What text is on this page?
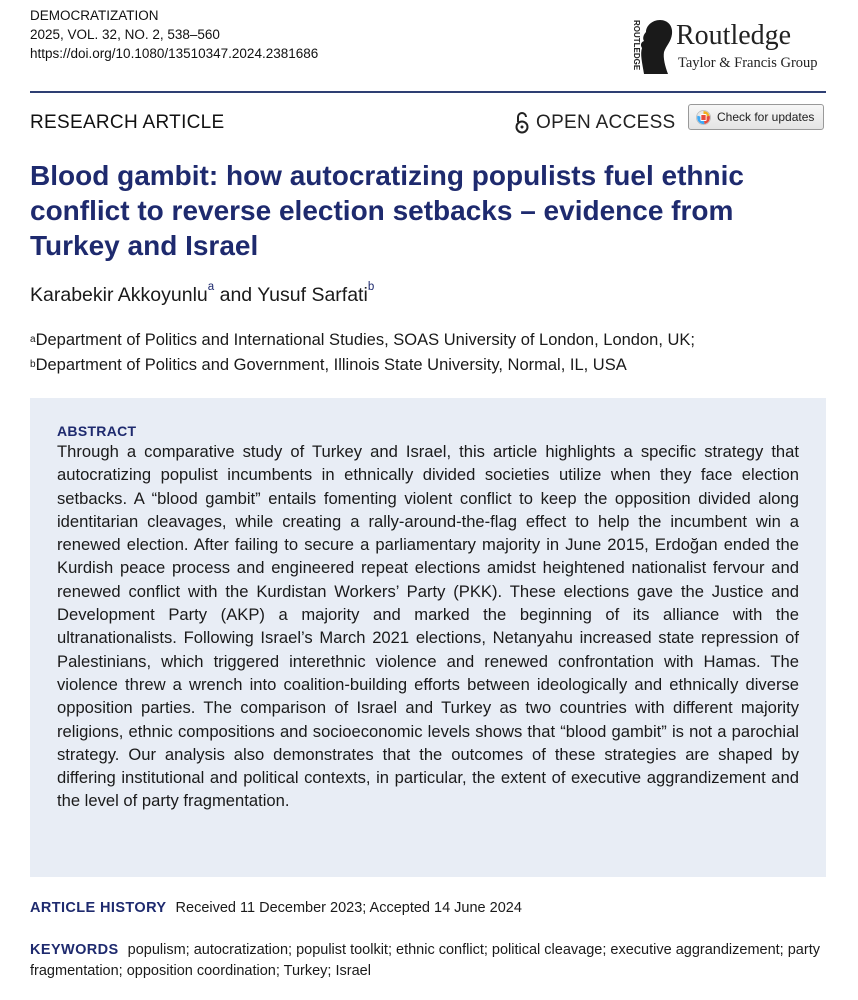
DEMOCRATIZATION
2025, VOL. 32, NO. 2, 538–560
https://doi.org/10.1080/13510347.2024.2381686	ROUTLEDGE Routledge
Taylor & Francis Group
RESEARCH ARTICLE	OPEN ACCESS	Check for updates
Blood gambit: how autocratizing populists fuel ethnic conflict to reverse election setbacks – evidence from Turkey and Israel
Karabekir Akkoyunlu$^a$ and Yusuf Sarfati$^b$
$^a$Department of Politics and International Studies, SOAS University of London, London, UK;
$^b$Department of Politics and Government, Illinois State University, Normal, IL, USA
ABSTRACT

Through a comparative study of Turkey and Israel, this article highlights a specific strategy that autocratizing populist incumbents in ethnically divided societies utilize when they face election setbacks. A “blood gambit” entails fomenting violent conflict to keep the opposition divided along identitarian cleavages, while creating a rally-around-the-flag effect to help the incumbent win a renewed election. After failing to secure a parliamentary majority in June 2015, Erdoğan ended the Kurdish peace process and engineered repeat elections amidst heightened nationalist fervour and renewed conflict with the Kurdistan Workers’ Party (PKK). These elections gave the Justice and Development Party (AKP) a majority and marked the beginning of its alliance with the ultranationalists. Following Israel’s March 2021 elections, Netanyahu increased state repression of Palestinians, which triggered interethnic violence and renewed confrontation with Hamas. The violence threw a wrench into coalition-building efforts between ideologically and ethnically diverse opposition parties. The comparison of Israel and Turkey as two countries with different majority religions, ethnic compositions and socioeconomic levels shows that “blood gambit” is not a parochial strategy. Our analysis also demonstrates that the outcomes of these strategies are shaped by differing institutional and political contexts, in particular, the extent of executive aggrandizement and the level of party fragmentation.

ARTICLE HISTORY Received 11 December 2023; Accepted 14 June 2024
KEYWORDS populism; autocratization; populist toolkit; ethnic conflict; political cleavage; executive aggrandizement; party fragmentation; opposition coordination; Turkey; Israel
